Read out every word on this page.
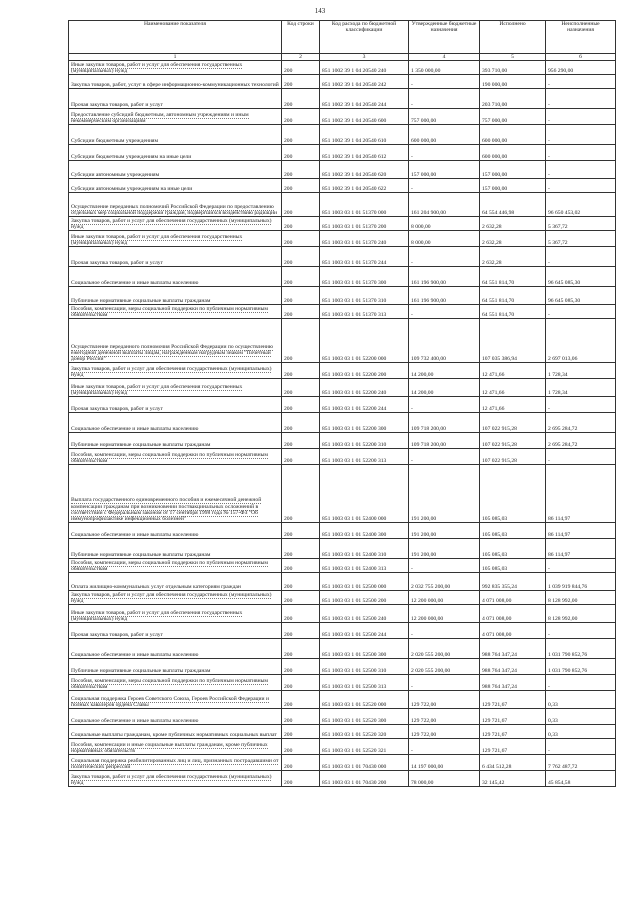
143
Наименование показателя	Код строки	Код расхода по бюджетной классификации	Утвержденные бюджетные назначения	Исполнено	Неисполненные назначения
1	2	3	4	5	6
Иные закупки товаров, работ и услуг для обеспечения государственных (муниципальных) нужд	200	851 1002 39 1 04 20540 240	1 350 000,00	393 710,00	956 290,00
Закупка товаров, работ, услуг в сфере информационно-коммуникационных технологий	200	851 1002 39 1 04 20540 242	-	190 000,00	-
Прочая закупка товаров, работ и услуг	200	851 1002 39 1 04 20540 244	-	203 710,00	-
Предоставление субсидий бюджетным, автономным учреждениям и иным некоммерческим организациям	200	851 1002 39 1 04 20540 600	757 000,00	757 000,00	-
Субсидии бюджетным учреждениям	200	851 1002 39 1 04 20540 610	600 000,00	600 000,00	-
Субсидии бюджетным учреждениям на иные цели	200	851 1002 39 1 04 20540 612	-	600 000,00	-
Субсидии автономным учреждениям	200	851 1002 39 1 04 20540 620	157 000,00	157 000,00	-
Субсидии автономным учреждениям на иные цели	200	851 1002 39 1 04 20540 622	-	157 000,00	-
Осуществление переданных полномочий Российской Федерации по предоставлению отдельных мер социальной поддержки граждан, подвергшихся воздействию радиации	200	851 1003 03 1 01 51370 000	161 204 900,00	64 554 446,98	96 650 453,02
Закупка товаров, работ и услуг для обеспечения государственных (муниципальных) нужд	200	851 1003 03 1 01 51370 200	8 000,00	2 632,28	5 367,72
Иные закупки товаров, работ и услуг для обеспечения государственных (муниципальных) нужд	200	851 1003 03 1 01 51370 240	8 000,00	2 632,28	5 367,72
Прочая закупка товаров, работ и услуг	200	851 1003 03 1 01 51370 244	-	2 632,28	-
Социальное обеспечение и иные выплаты населению	200	851 1003 03 1 01 51370 300	161 196 900,00	64 551 814,70	96 645 085,30
Публичные нормативные социальные выплаты гражданам	200	851 1003 03 1 01 51370 310	161 196 900,00	64 551 814,70	96 645 085,30
Пособия, компенсации, меры социальной поддержки по публичным нормативным обязательствам	200	851 1003 03 1 01 51370 313	-	64 551 814,70	-
Осуществление переданного полномочия Российской Федерации по осуществлению ежегодной денежной выплаты лицам, награжденным нагрудным знаком "Почетный донор России"	200	851 1003 03 1 01 52200 000	109 732 400,00	107 035 386,94	2 697 013,06
Закупка товаров, работ и услуг для обеспечения государственных (муниципальных) нужд	200	851 1003 03 1 01 52200 200	14 200,00	12 471,66	1 728,34
Иные закупки товаров, работ и услуг для обеспечения государственных (муниципальных) нужд	200	851 1003 03 1 01 52200 240	14 200,00	12 471,66	1 728,34
Прочая закупка товаров, работ и услуг	200	851 1003 03 1 01 52200 244	-	12 471,66	-
Социальное обеспечение и иные выплаты населению	200	851 1003 03 1 01 52200 300	109 718 200,00	107 022 915,28	2 695 284,72
Публичные нормативные социальные выплаты гражданам	200	851 1003 03 1 01 52200 310	109 718 200,00	107 022 915,28	2 695 284,72
Пособия, компенсации, меры социальной поддержки по публичным нормативным обязательствам	200	851 1003 03 1 01 52200 313	-	107 022 915,28	-
Выплата государственного единовременного пособия и ежемесячной денежной компенсации гражданам при возникновении поствакцинальных осложнений в соответствии с Федеральным законом от 17 сентября 1998 года № 157-ФЗ "Об иммунопрофилактике инфекционных болезней"	200	851 1003 03 1 01 52400 000	191 200,00	105 085,03	86 114,97
Социальное обеспечение и иные выплаты населению	200	851 1003 03 1 01 52400 300	191 200,00	105 085,03	86 114,97
Публичные нормативные социальные выплаты гражданам	200	851 1003 03 1 01 52400 310	191 200,00	105 085,03	86 114,97
Пособия, компенсации, меры социальной поддержки по публичным нормативным обязательствам	200	851 1003 03 1 01 52400 313	-	105 085,03	-
Оплата жилищно-коммунальных услуг отдельным категориям граждан	200	851 1003 03 1 01 52500 000	2 032 755 200,00	992 835 355,24	1 039 919 844,76
Закупка товаров, работ и услуг для обеспечения государственных (муниципальных) нужд	200	851 1003 03 1 01 52500 200	12 200 000,00	4 071 008,00	8 128 992,00
Иные закупки товаров, работ и услуг для обеспечения государственных (муниципальных) нужд	200	851 1003 03 1 01 52500 240	12 200 000,00	4 071 008,00	8 128 992,00
Прочая закупка товаров, работ и услуг	200	851 1003 03 1 01 52500 244	-	4 071 008,00	-
Социальное обеспечение и иные выплаты населению	200	851 1003 03 1 01 52500 300	2 020 555 200,00	988 764 347,24	1 031 790 852,76
Публичные нормативные социальные выплаты гражданам	200	851 1003 03 1 01 52500 310	2 020 555 200,00	988 764 347,24	1 031 790 852,76
Пособия, компенсации, меры социальной поддержки по публичным нормативным обязательствам	200	851 1003 03 1 01 52500 313	-	988 764 347,24	-
Социальная поддержка Героев Советского Союза, Героев Российской Федерации и полных кавалеров ордена Славы	200	851 1003 03 1 01 52520 000	129 722,00	129 721,67	0,33
Социальное обеспечение и иные выплаты населению	200	851 1003 03 1 01 52520 300	129 722,00	129 721,67	0,33
Социальные выплаты гражданам, кроме публичных нормативных социальных выплат	200	851 1003 03 1 01 52520 320	129 722,00	129 721,67	0,33
Пособия, компенсации и иные социальные выплаты гражданам, кроме публичных нормативных обязательств	200	851 1003 03 1 01 52520 321	-	129 721,67	-
Социальная поддержка реабилитированных лиц и лиц, признанных пострадавшими от политических репрессий	200	851 1003 03 1 01 70430 000	14 197 000,00	6 434 512,28	7 762 487,72
Закупка товаров, работ и услуг для обеспечения государственных (муниципальных) нужд	200	851 1003 03 1 01 70430 200	78 000,00	32 145,42	45 854,58
